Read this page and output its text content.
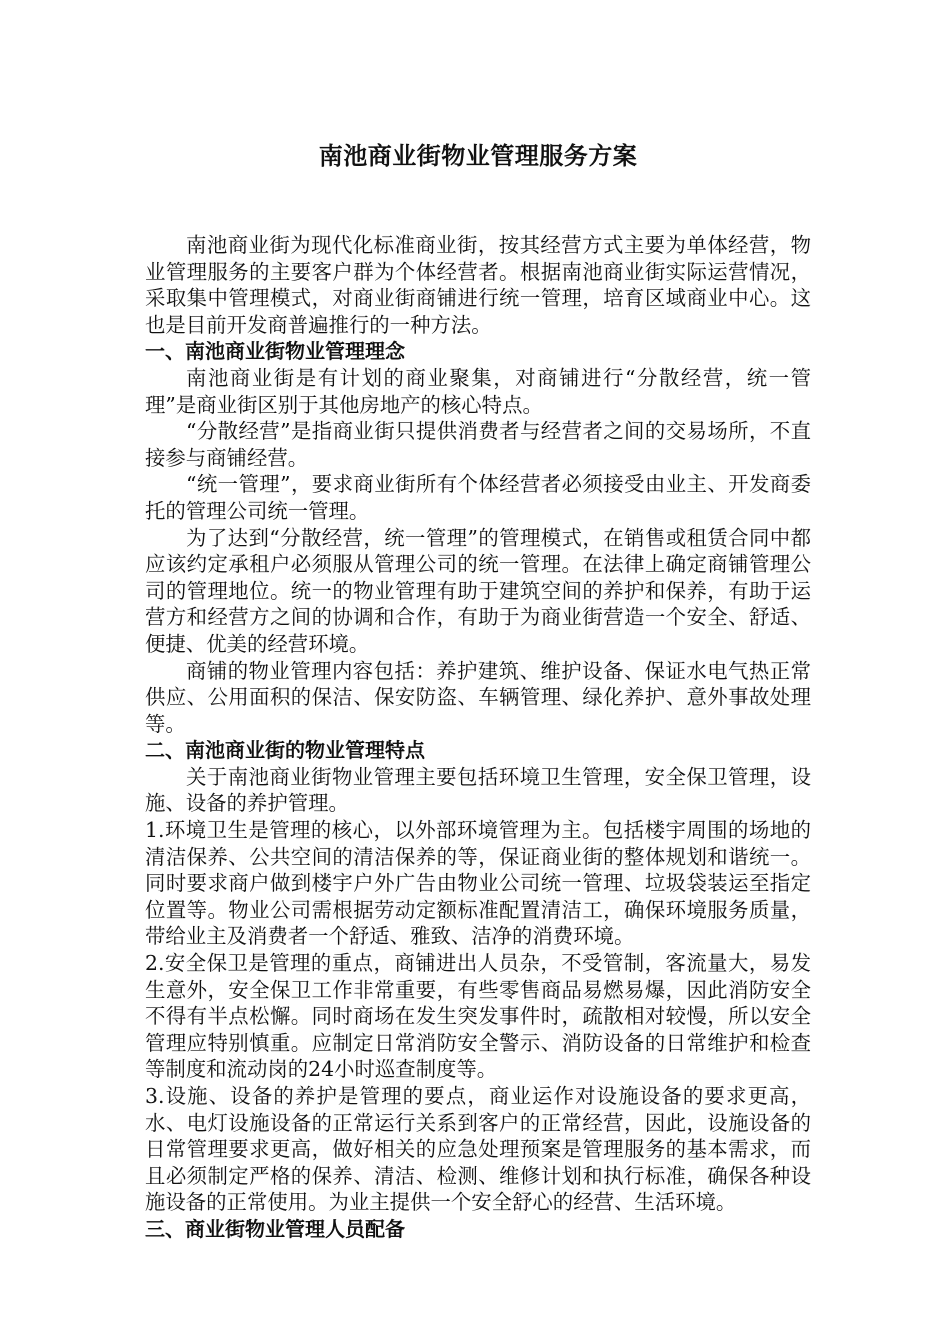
南池商业街物业管理服务方案

南池商业街为现代化标准商业街，按其经营方式主要为单体经营，物业管理服务的主要客户群为个体经营者。根据南池商业街实际运营情况，采取集中管理模式，对商业街商铺进行统一管理，培育区域商业中心。这也是目前开发商普遍推行的一种方法。

一、南池商业街物业管理理念

南池商业街是有计划的商业聚集，对商铺进行“分散经营，统一管理”是商业街区别于其他房地产的核心特点。

“分散经营”是指商业街只提供消费者与经营者之间的交易场所，不直接参与商铺经营。

“统一管理”，要求商业街所有个体经营者必须接受由业主、开发商委托的管理公司统一管理。

为了达到“分散经营，统一管理”的管理模式，在销售或租赁合同中都应该约定承租户必须服从管理公司的统一管理。在法律上确定商铺管理公司的管理地位。统一的物业管理有助于建筑空间的养护和保养，有助于运营方和经营方之间的协调和合作，有助于为商业街营造一个安全、舒适、便捷、优美的经营环境。

商铺的物业管理内容包括：养护建筑、维护设备、保证水电气热正常供应、公用面积的保洁、保安防盗、车辆管理、绿化养护、意外事故处理等。

二、南池商业街的物业管理特点

关于南池商业街物业管理主要包括环境卫生管理，安全保卫管理，设施、设备的养护管理。

1.环境卫生是管理的核心，以外部环境管理为主。包括楼宇周围的场地的清洁保养、公共空间的清洁保养的等，保证商业街的整体规划和谐统一。同时要求商户做到楼宇户外广告由物业公司统一管理、垃圾袋装运至指定位置等。物业公司需根据劳动定额标准配置清洁工，确保环境服务质量，带给业主及消费者一个舒适、雅致、洁净的消费环境。

2.安全保卫是管理的重点，商铺进出人员杂，不受管制，客流量大，易发生意外，安全保卫工作非常重要，有些零售商品易燃易爆，因此消防安全不得有半点松懈。同时商场在发生突发事件时，疏散相对较慢，所以安全管理应特别慎重。应制定日常消防安全警示、消防设备的日常维护和检查等制度和流动岗的24小时巡查制度等。

3.设施、设备的养护是管理的要点，商业运作对设施设备的要求更高，水、电灯设施设备的正常运行关系到客户的正常经营，因此，设施设备的日常管理要求更高，做好相关的应急处理预案是管理服务的基本需求，而且必须制定严格的保养、清洁、检测、维修计划和执行标准，确保各种设施设备的正常使用。为业主提供一个安全舒心的经营、生活环境。

三、商业街物业管理人员配备
